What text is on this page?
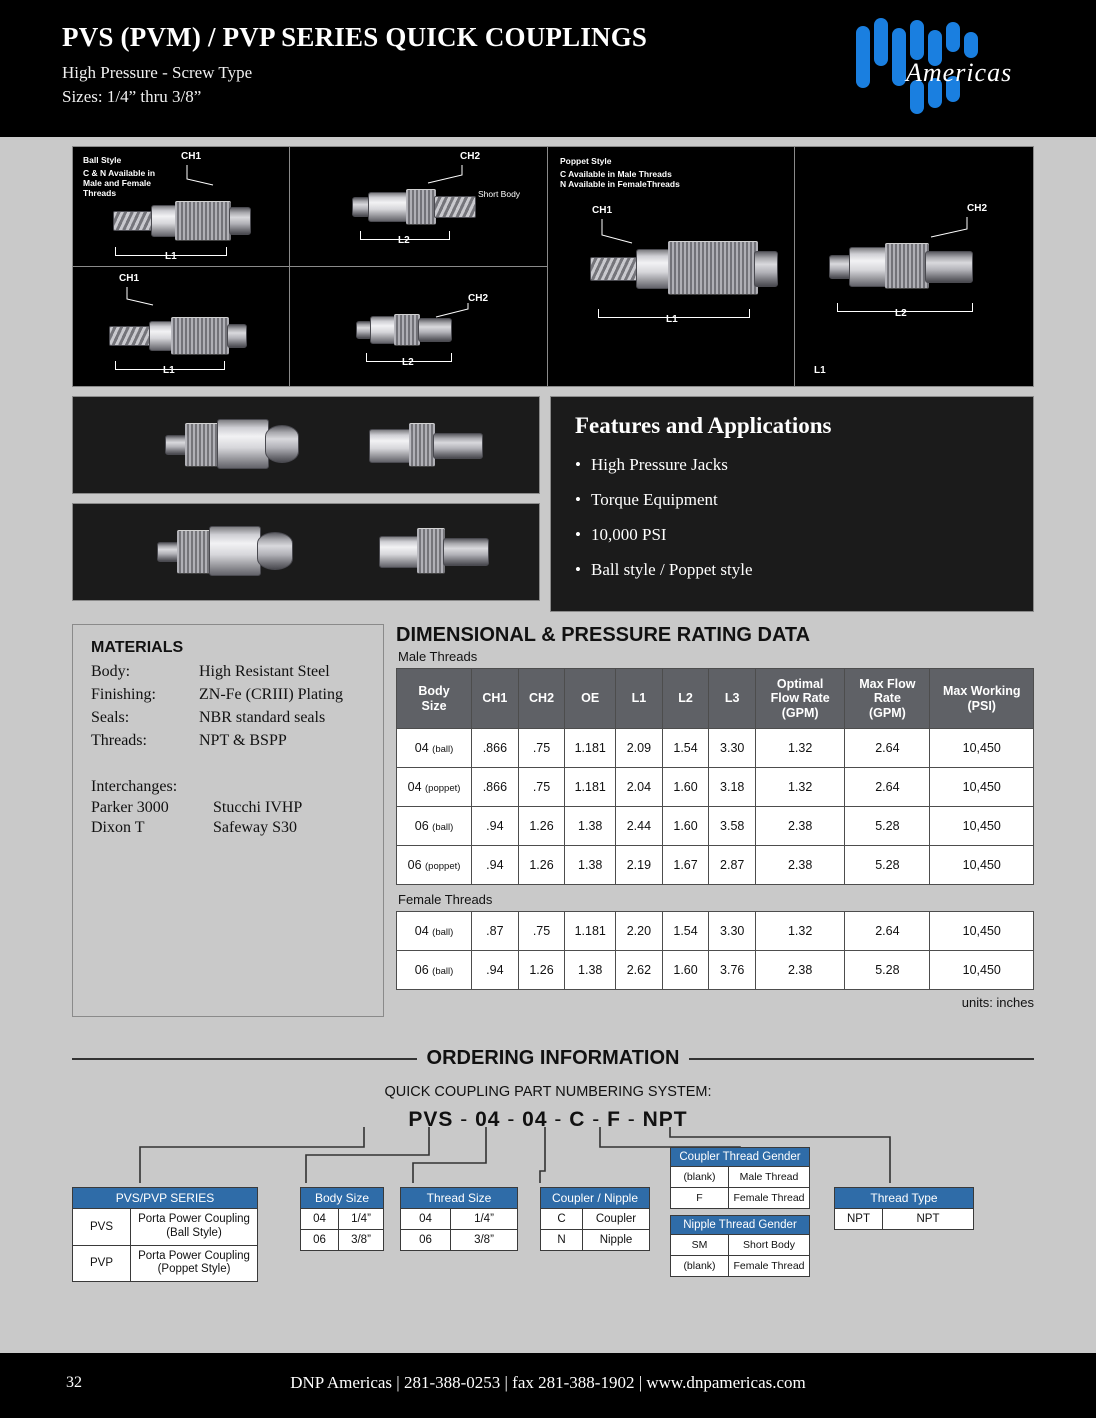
PVS (PVM) / PVP SERIES QUICK COUPLINGS
High Pressure - Screw Type
Sizes: 1/4” thru 3/8”
Americas
Ball Style
C & N Available in
Male and Female
Threads
CH1
L1
CH1
L1
CH2
Short Body
L2
CH2
L2
Poppet Style
C Available in Male Threads
N Available in FemaleThreads
CH1
L1
CH2
L2
L1
Features and Applications
• High Pressure Jacks
• Torque Equipment
• 10,000 PSI
• Ball style / Poppet style
MATERIALS
Body:	High Resistant Steel
Finishing:	ZN-Fe (CRIII) Plating
Seals:	NBR standard seals
Threads:	NPT & BSPP
Interchanges:
Parker 3000	Stucchi IVHP
Dixon T	Safeway S30
DIMENSIONAL & PRESSURE RATING DATA
Male Threads
Body
Size	CH1	CH2	OE	L1	L2	L3	Optimal
Flow Rate
(GPM)	Max Flow
Rate
(GPM)	Max Working
(PSI)
04 (ball)	.866	.75	1.181	2.09	1.54	3.30	1.32	2.64	10,450
04 (poppet)	.866	.75	1.181	2.04	1.60	3.18	1.32	2.64	10,450
06 (ball)	.94	1.26	1.38	2.44	1.60	3.58	2.38	5.28	10,450
06 (poppet)	.94	1.26	1.38	2.19	1.67	2.87	2.38	5.28	10,450
Female Threads
04 (ball)	.87	.75	1.181	2.20	1.54	3.30	1.32	2.64	10,450
06 (ball)	.94	1.26	1.38	2.62	1.60	3.76	2.38	5.28	10,450
units: inches
ORDERING INFORMATION
QUICK COUPLING PART NUMBERING SYSTEM:
PVS - 04 - 04 - C - F - NPT
PVS/PVP SERIES
PVS
Porta Power Coupling (Ball Style)
PVP
Porta Power Coupling (Poppet Style)
Body Size
04	1/4”
06	3/8”
Thread Size
04	1/4”
06	3/8”
Coupler / Nipple
C	Coupler
N	Nipple
Coupler Thread Gender
(blank)	Male Thread
F	Female Thread
Nipple Thread Gender
SM	Short Body
(blank)	Female Thread
Thread Type
NPT	NPT
32	DNP Americas | 281-388-0253 | fax 281-388-1902 | www.dnpamericas.com
